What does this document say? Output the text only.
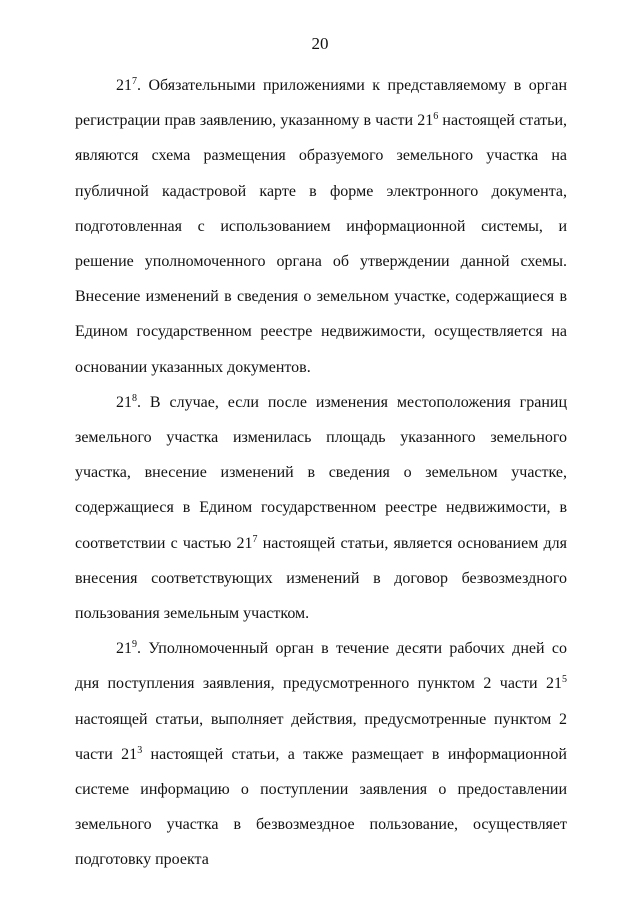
20

$21^7$. Обязательными приложениями к представляемому в орган регистрации прав заявлению, указанному в части $21^6$ настоящей статьи, являются схема размещения образуемого земельного участка на публичной кадастровой карте в форме электронного документа, подготовленная с использованием информационной системы, и решение уполномоченного органа об утверждении данной схемы. Внесение изменений в сведения о земельном участке, содержащиеся в Едином государственном реестре недвижимости, осуществляется на основании указанных документов.

$21^8$. В случае, если после изменения местоположения границ земельного участка изменилась площадь указанного земельного участка, внесение изменений в сведения о земельном участке, содержащиеся в Едином государственном реестре недвижимости, в соответствии с частью $21^7$ настоящей статьи, является основанием для внесения соответствующих изменений в договор безвозмездного пользования земельным участком.

$21^9$. Уполномоченный орган в течение десяти рабочих дней со дня поступления заявления, предусмотренного пунктом 2 части $21^5$ настоящей статьи, выполняет действия, предусмотренные пунктом 2 части $21^3$ настоящей статьи, а также размещает в информационной системе информацию о поступлении заявления о предоставлении земельного участка в безвозмездное пользование, осуществляет подготовку проекта
